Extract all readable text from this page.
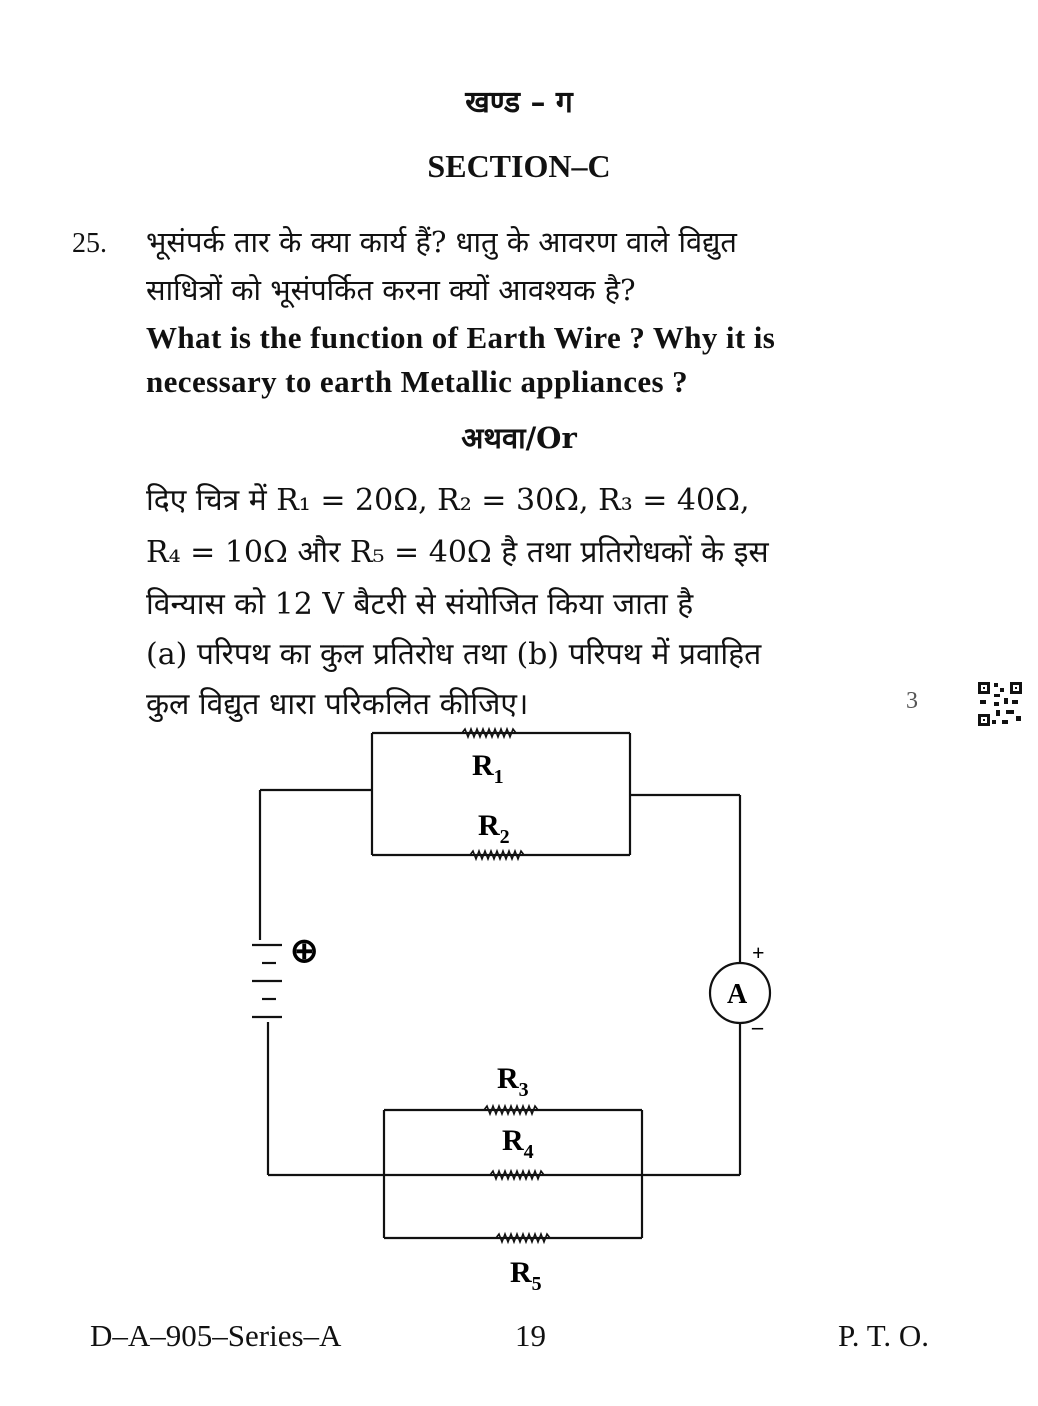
खण्ड – ग
SECTION–C
25. भूसंपर्क तार के क्या कार्य हैं? धातु के आवरण वाले विद्युत
साधित्रों को भूसंपर्कित करना क्यों आवश्यक है?
What is the function of Earth Wire ? Why it is
necessary to earth Metallic appliances ?
अथवा/Or
दिए चित्र में R₁ = 20Ω, R₂ = 30Ω, R₃ = 40Ω,
R₄ = 10Ω और R₅ = 40Ω है तथा प्रतिरोधकों के इस
विन्यास को 12 V बैटरी से संयोजित किया जाता है
(a) परिपथ का कुल प्रतिरोध तथा (b) परिपथ में प्रवाहित
कुल विद्युत धारा परिकलित कीजिए।	3
$R_1$
$R_2$
$R_3$
$R_4$
$R_5$
A
+
–
⊕
D–A–905–Series–A	19	P. T. O.
